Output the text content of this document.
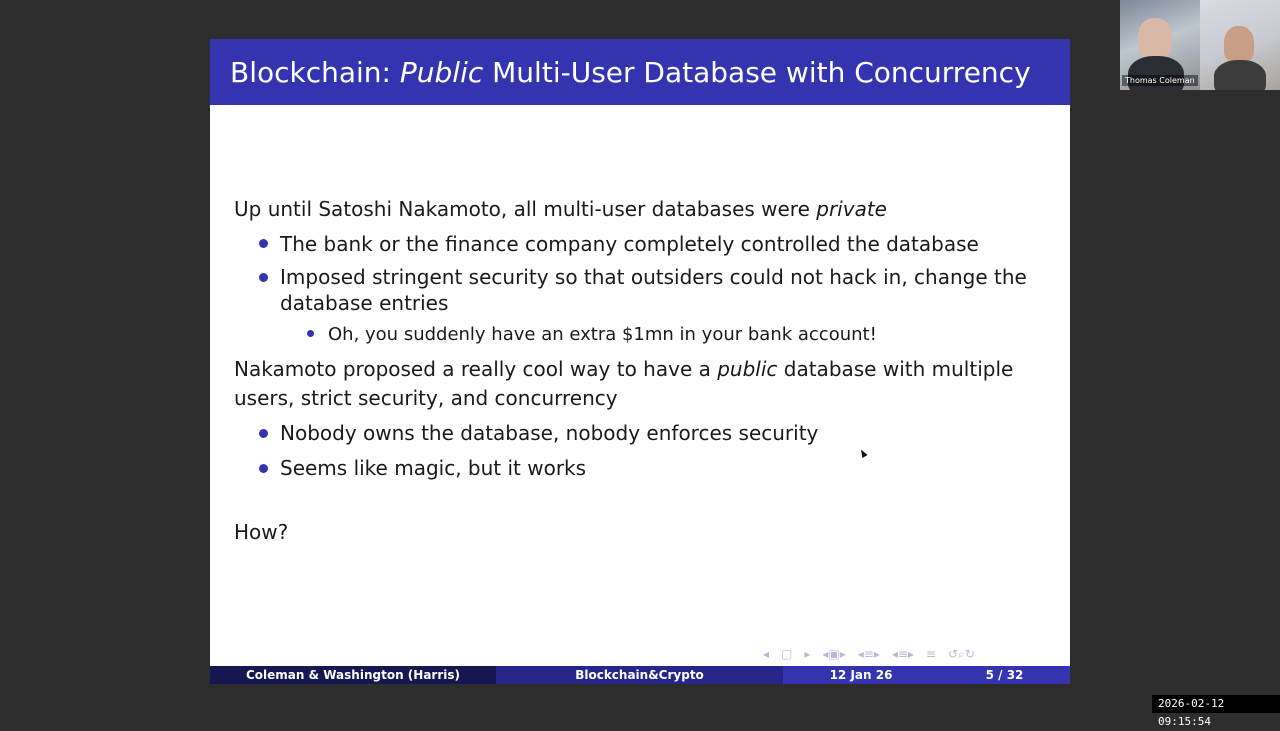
Blockchain: Public Multi-User Database with Concurrency
Up until Satoshi Nakamoto, all multi-user databases were private
The bank or the finance company completely controlled the database
Imposed stringent security so that outsiders could not hack in, change the
database entries
Oh, you suddenly have an extra $1mn in your bank account!
Nakamoto proposed a really cool way to have a public database with multiple
users, strict security, and concurrency
Nobody owns the database, nobody enforces security
Seems like magic, but it works
How?
◂ ▢ ▸ ◂▣▸ ◂≡▸ ◂≡▸ ≡ ↺⌕↻
Coleman & Washington (Harris)	Blockchain&Crypto	12 Jan 26	5 / 32
Thomas Coleman
2026-02-12 09:15:54
